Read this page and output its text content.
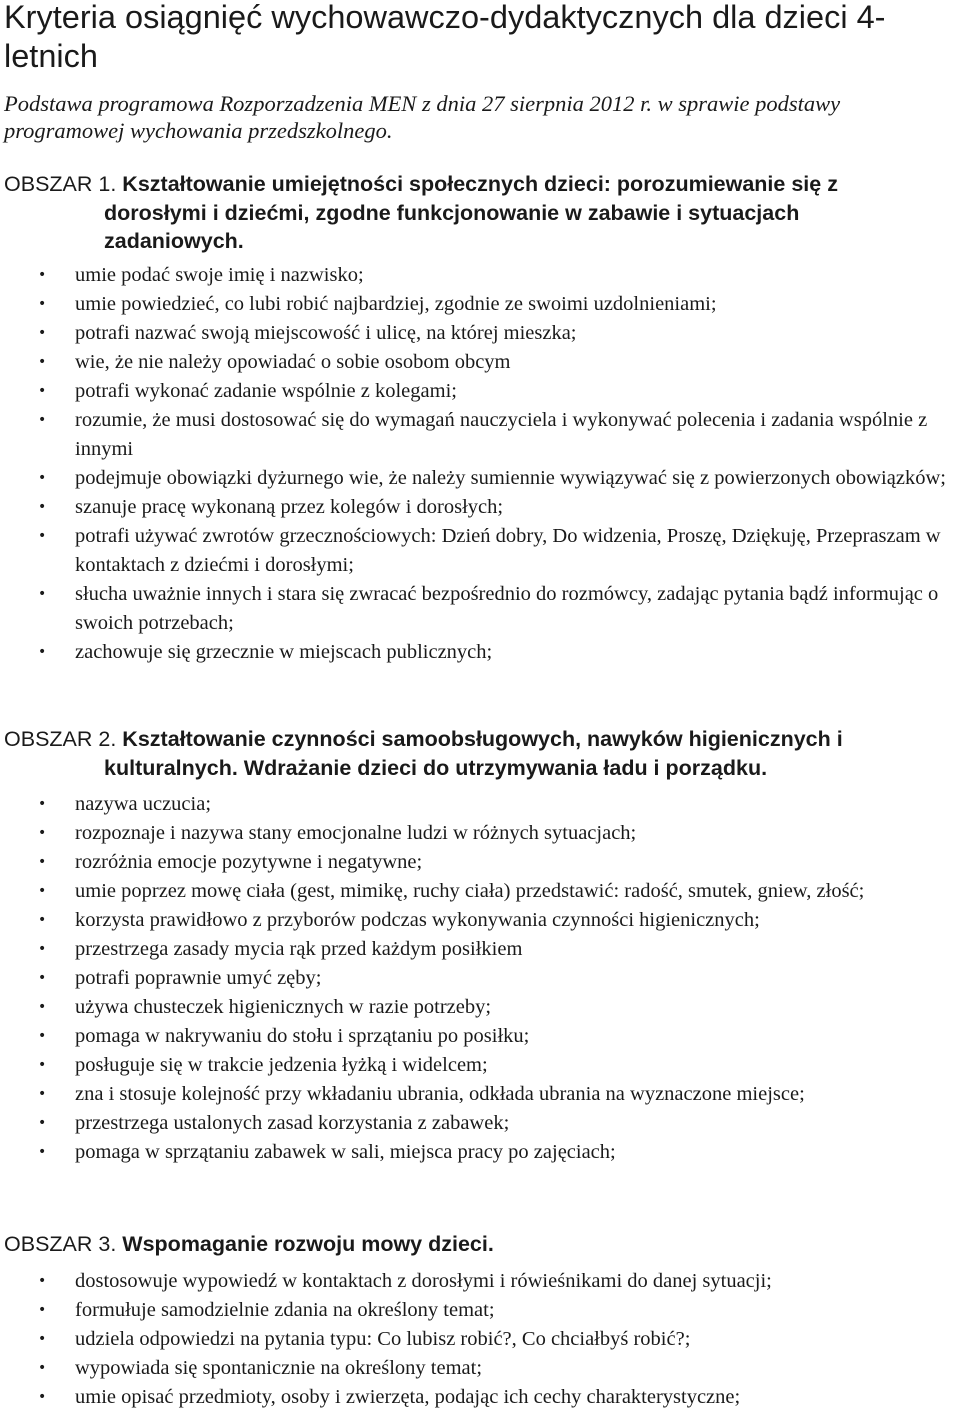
Kryteria osiągnięć wychowawczo-dydaktycznych dla dzieci 4-letnich
Podstawa programowa Rozporzadzenia MEN z dnia 27 sierpnia 2012 r. w sprawie podstawy programowej wychowania przedszkolnego.
OBSZAR 1. Kształtowanie umiejętności społecznych dzieci: porozumiewanie się z dorosłymi i dziećmi, zgodne funkcjonowanie w zabawie i sytuacjach zadaniowych.
• umie podać swoje imię i nazwisko;
• umie powiedzieć, co lubi robić najbardziej, zgodnie ze swoimi uzdolnieniami;
• potrafi nazwać swoją miejscowość i ulicę, na której mieszka;
• wie, że nie należy opowiadać o sobie osobom obcym
• potrafi wykonać zadanie wspólnie z kolegami;
• rozumie, że musi dostosować się do wymagań nauczyciela i wykonywać polecenia i zadania wspólnie z innymi
• podejmuje obowiązki dyżurnego wie, że należy sumiennie wywiązywać się z powierzonych obowiązków;
• szanuje pracę wykonaną przez kolegów i dorosłych;
• potrafi używać zwrotów grzecznościowych: Dzień dobry, Do widzenia, Proszę, Dziękuję, Przepraszam w kontaktach z dziećmi i dorosłymi;
• słucha uważnie innych i stara się zwracać bezpośrednio do rozmówcy, zadając pytania bądź informując o swoich potrzebach;
• zachowuje się grzecznie w miejscach publicznych;
OBSZAR 2. Kształtowanie czynności samoobsługowych, nawyków higienicznych i kulturalnych. Wdrażanie dzieci do utrzymywania ładu i porządku.
• nazywa uczucia;
• rozpoznaje i nazywa stany emocjonalne ludzi w różnych sytuacjach;
• rozróżnia emocje pozytywne i negatywne;
• umie poprzez mowę ciała (gest, mimikę, ruchy ciała) przedstawić: radość, smutek, gniew, złość;
• korzysta prawidłowo z przyborów podczas wykonywania czynności higienicznych;
• przestrzega zasady mycia rąk przed każdym posiłkiem
• potrafi poprawnie umyć zęby;
• używa chusteczek higienicznych w razie potrzeby;
• pomaga w nakrywaniu do stołu i sprzątaniu po posiłku;
• posługuje się w trakcie jedzenia łyżką i widelcem;
• zna i stosuje kolejność przy wkładaniu ubrania, odkłada ubrania na wyznaczone miejsce;
• przestrzega ustalonych zasad korzystania z zabawek;
• pomaga w sprzątaniu zabawek w sali, miejsca pracy po zajęciach;
OBSZAR 3. Wspomaganie rozwoju mowy dzieci.
• dostosowuje wypowiedź w kontaktach z dorosłymi i rówieśnikami do danej sytuacji;
• formułuje samodzielnie zdania na określony temat;
• udziela odpowiedzi na pytania typu: Co lubisz robić?, Co chciałbyś robić?;
• wypowiada się spontanicznie na określony temat;
• umie opisać przedmioty, osoby i zwierzęta, podając ich cechy charakterystyczne;
